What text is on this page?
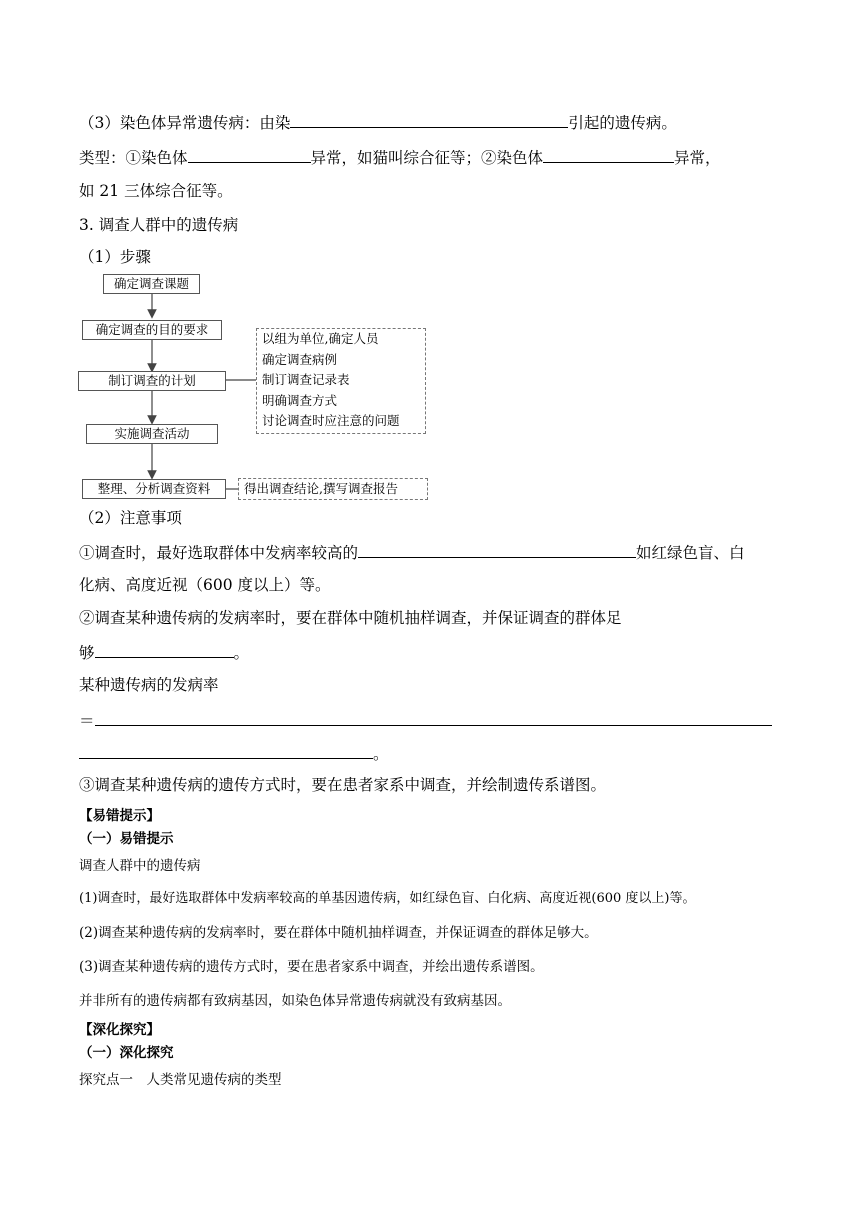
（3）染色体异常遗传病：由染	引起的遗传病。
类型：①染色体	异常，如猫叫综合征等；②染色体	异常，
如 21 三体综合征等。
3. 调查人群中的遗传病
（1）步骤
确定调查课题
确定调查的目的要求
制订调查的计划
实施调查活动
整理、分析调查资料
以组为单位,确定人员
确定调查病例
制订调查记录表
明确调查方式
讨论调查时应注意的问题
得出调查结论,撰写调查报告
（2）注意事项
①调查时，最好选取群体中发病率较高的	如红绿色盲、白
化病、高度近视（600 度以上）等。
②调查某种遗传病的发病率时，要在群体中随机抽样调查，并保证调查的群体足
够	。
某种遗传病的发病率
＝
。
③调查某种遗传病的遗传方式时，要在患者家系中调查，并绘制遗传系谱图。
【易错提示】
（一）易错提示
调查人群中的遗传病
(1)调查时，最好选取群体中发病率较高的单基因遗传病，如红绿色盲、白化病、高度近视(600 度以上)等。
(2)调查某种遗传病的发病率时，要在群体中随机抽样调查，并保证调查的群体足够大。
(3)调查某种遗传病的遗传方式时，要在患者家系中调查，并绘出遗传系谱图。
并非所有的遗传病都有致病基因，如染色体异常遗传病就没有致病基因。
【深化探究】
（一）深化探究
探究点一　人类常见遗传病的类型
